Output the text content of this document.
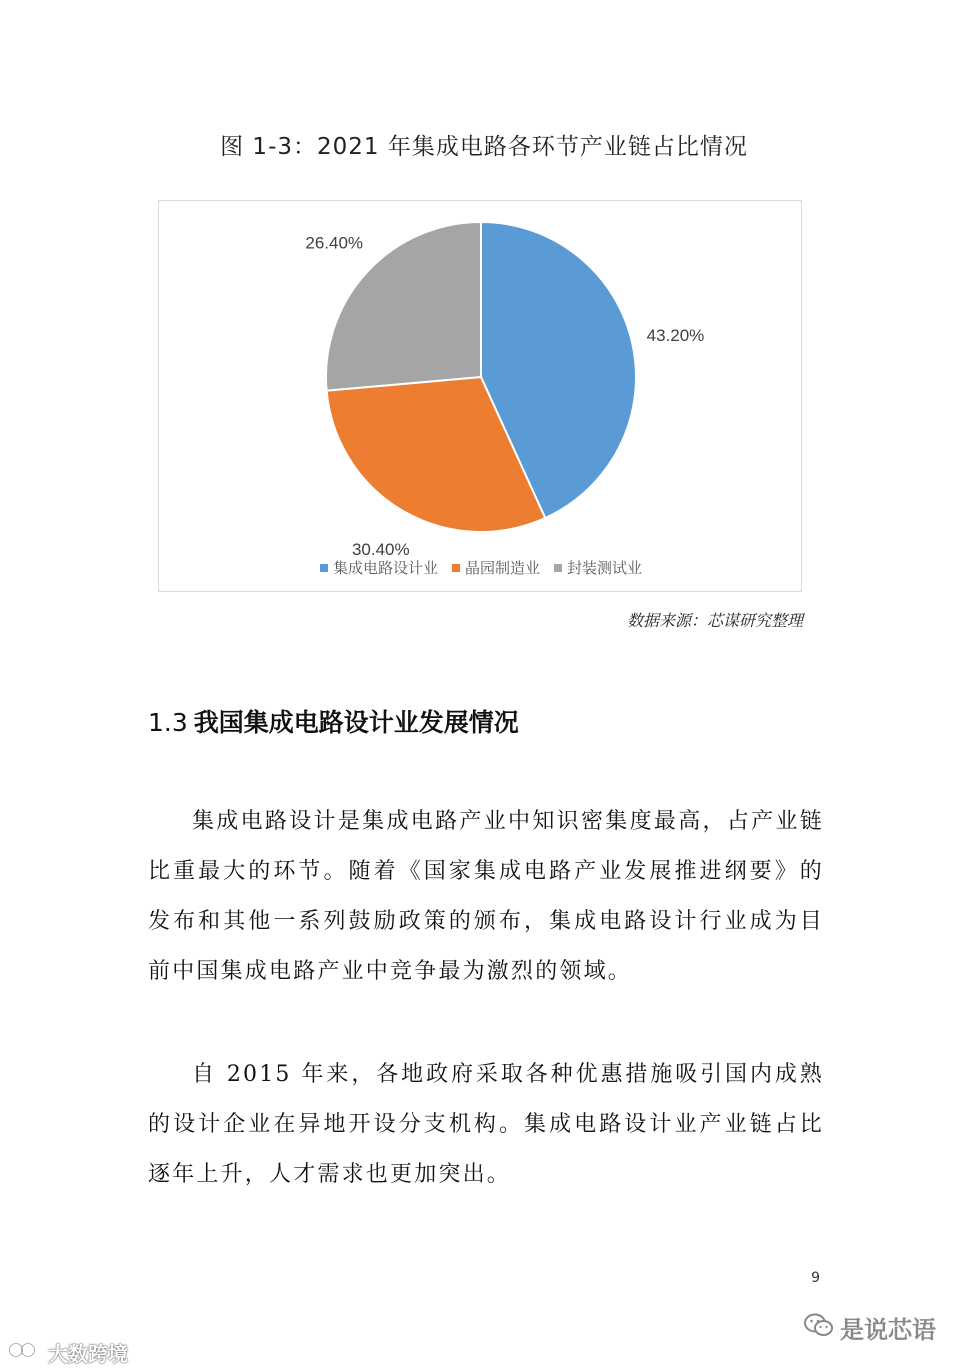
图 1-3：2021 年集成电路各环节产业链占比情况
43.20%
30.40%
26.40%
集成电路设计业 晶园制造业 封装测试业
数据来源：芯谋研究整理
1.3 我国集成电路设计业发展情况
集成电路设计是集成电路产业中知识密集度最高，占产业链比重最大的环节。随着《国家集成电路产业发展推进纲要》的发布和其他一系列鼓励政策的颁布，集成电路设计行业成为目前中国集成电路产业中竞争最为激烈的领域。
自 2015 年来，各地政府采取各种优惠措施吸引国内成熟的设计企业在异地开设分支机构。集成电路设计业产业链占比逐年上升，人才需求也更加突出。
9
是说芯语
大数跨境
